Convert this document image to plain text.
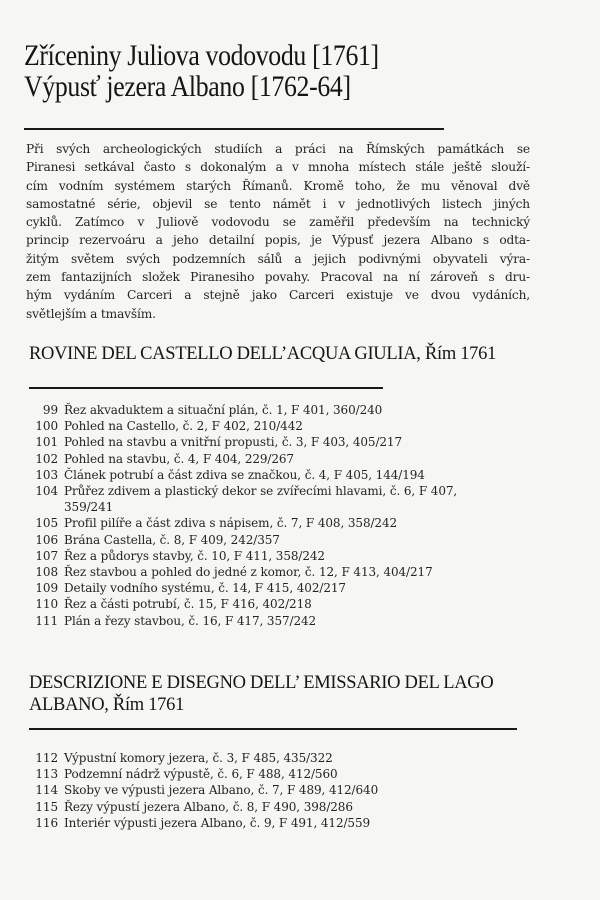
Zříceniny Juliova vodovodu [1761]
Výpusť jezera Albano [1762-64]
Při svých archeologických studiích a práci na Římských památkách se
Piranesi setkával často s dokonalým a v mnoha místech stále ještě slouží-
cím vodním systémem starých Římanů. Kromě toho, že mu věnoval dvě
samostatné série, objevil se tento námět i v jednotlivých listech jiných
cyklů. Zatímco v Juliově vodovodu se zaměřil především na technický
princip rezervoáru a jeho detailní popis, je Výpusť jezera Albano s odta-
žitým světem svých podzemních sálů a jejich podivnými obyvateli výra-
zem fantazijních složek Piranesiho povahy. Pracoval na ní zároveň s dru-
hým vydáním Carceri a stejně jako Carceri existuje ve dvou vydáních,
světlejším a tmavším.
ROVINE DEL CASTELLO DELL’ACQUA GIULIA, Řím 1761
99 Řez akvaduktem a situační plán, č. 1, F 401, 360/240
100 Pohled na Castello, č. 2, F 402, 210/442
101 Pohled na stavbu a vnitřní propusti, č. 3, F 403, 405/217
102 Pohled na stavbu, č. 4, F 404, 229/267
103 Článek potrubí a část zdiva se značkou, č. 4, F 405, 144/194
104 Průřez zdivem a plastický dekor se zvířecími hlavami, č. 6, F 407,
359/241
105 Profil pilíře a část zdiva s nápisem, č. 7, F 408, 358/242
106 Brána Castella, č. 8, F 409, 242/357
107 Řez a půdorys stavby, č. 10, F 411, 358/242
108 Řez stavbou a pohled do jedné z komor, č. 12, F 413, 404/217
109 Detaily vodního systému, č. 14, F 415, 402/217
110 Řez a části potrubí, č. 15, F 416, 402/218
111 Plán a řezy stavbou, č. 16, F 417, 357/242
DESCRIZIONE E DISEGNO DELL’ EMISSARIO DEL LAGO
ALBANO, Řím 1761
112 Výpustní komory jezera, č. 3, F 485, 435/322
113 Podzemní nádrž výpustě, č. 6, F 488, 412/560
114 Skoby ve výpusti jezera Albano, č. 7, F 489, 412/640
115 Řezy výpustí jezera Albano, č. 8, F 490, 398/286
116 Interiér výpusti jezera Albano, č. 9, F 491, 412/559
